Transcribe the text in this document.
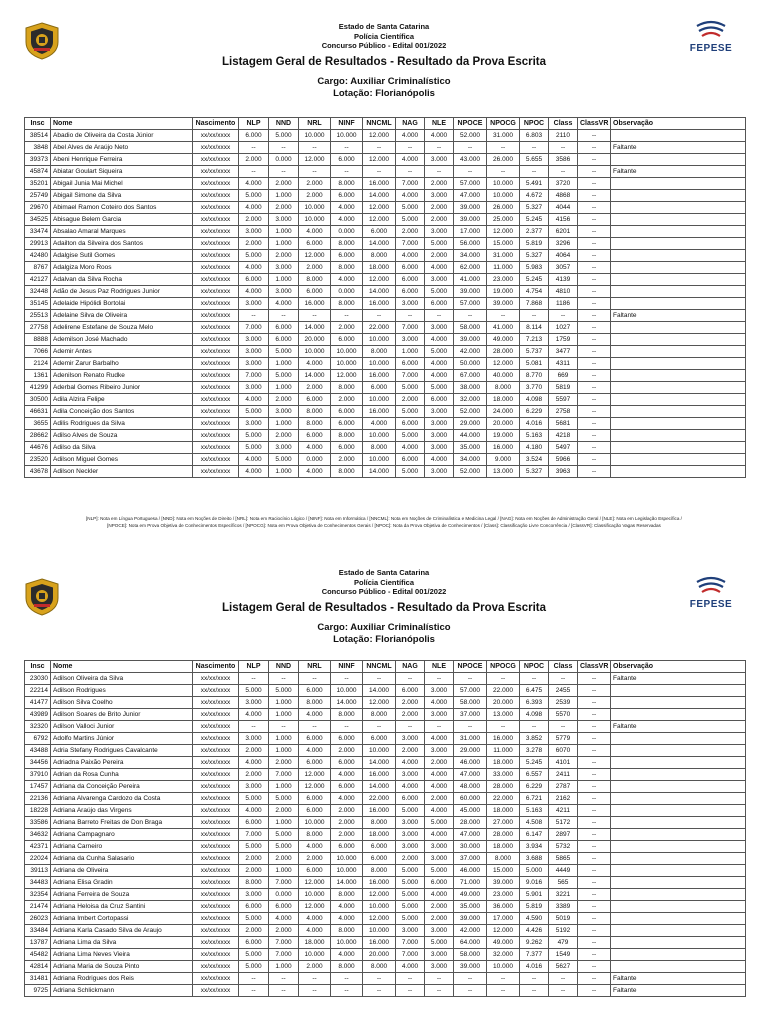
FEPESE
Estado de Santa Catarina
Polícia Científica
Concurso Público - Edital 001/2022
Listagem Geral de Resultados - Resultado da Prova Escrita
Cargo: Auxiliar Criminalístico
Lotação: Florianópolis
Insc	Nome	Nascimento	NLP	NND	NRL	NINF	NNCML	NAG	NLE	NPOCE	NPOCG	NPOC	Class	ClassVR	Observação
38514	Abadio de Oliveira da Costa Júnior	xx/xx/xxxx	6.000	5.000	10.000	10.000	12.000	4.000	4.000	52.000	31.000	6.803	2110	--	
3848	Abel Alves de Araújo Neto	xx/xx/xxxx	--	--	--	--	--	--	--	--	--	--	--	--	Faltante
39373	Abeni Henrique Ferreira	xx/xx/xxxx	2.000	0.000	12.000	6.000	12.000	4.000	3.000	43.000	26.000	5.655	3586	--	
45874	Abiatar Goulart Siqueira	xx/xx/xxxx	--	--	--	--	--	--	--	--	--	--	--	--	Faltante
35201	Abigail Junia Mai Michel	xx/xx/xxxx	4.000	2.000	2.000	8.000	16.000	7.000	2.000	57.000	10.000	5.491	3720	--	
25749	Abigail Simone da Silva	xx/xx/xxxx	5.000	1.000	2.000	6.000	14.000	4.000	3.000	47.000	10.000	4.672	4868	--	
29670	Abimael Ramon Coteiro dos Santos	xx/xx/xxxx	4.000	2.000	10.000	4.000	12.000	5.000	2.000	39.000	26.000	5.327	4044	--	
34525	Abisague Belem Garcia	xx/xx/xxxx	2.000	3.000	10.000	4.000	12.000	5.000	2.000	39.000	25.000	5.245	4156	--	
33474	Absalao Amaral Marques	xx/xx/xxxx	3.000	1.000	4.000	0.000	6.000	2.000	3.000	17.000	12.000	2.377	6201	--	
29913	Adailton da Silveira dos Santos	xx/xx/xxxx	2.000	1.000	6.000	8.000	14.000	7.000	5.000	56.000	15.000	5.819	3296	--	
42480	Adalgise Sutil Gomes	xx/xx/xxxx	5.000	2.000	12.000	6.000	8.000	4.000	2.000	34.000	31.000	5.327	4064	--	
8767	Adalgiza Moro Roos	xx/xx/xxxx	4.000	3.000	2.000	8.000	18.000	6.000	4.000	62.000	11.000	5.983	3057	--	
42127	Adalvan da Silva Rocha	xx/xx/xxxx	6.000	1.000	8.000	4.000	12.000	6.000	3.000	41.000	23.000	5.245	4139	--	
32448	Adão de Jesus Paz Rodrigues Junior	xx/xx/xxxx	4.000	3.000	6.000	0.000	14.000	6.000	5.000	39.000	19.000	4.754	4810	--	
35145	Adelaide Hipólidi Bortolai	xx/xx/xxxx	3.000	4.000	16.000	8.000	16.000	3.000	6.000	57.000	39.000	7.868	1186	--	
25513	Adelaine Silva de Oliveira	xx/xx/xxxx	--	--	--	--	--	--	--	--	--	--	--	--	Faltante
27758	Adelirene Estefane de Souza Melo	xx/xx/xxxx	7.000	6.000	14.000	2.000	22.000	7.000	3.000	58.000	41.000	8.114	1027	--	
8888	Ademilson José Machado	xx/xx/xxxx	3.000	6.000	20.000	6.000	10.000	3.000	4.000	39.000	49.000	7.213	1759	--	
7066	Ademir Antes	xx/xx/xxxx	3.000	5.000	10.000	10.000	8.000	1.000	5.000	42.000	28.000	5.737	3477	--	
2124	Ademir Zarur Barbalho	xx/xx/xxxx	3.000	1.000	4.000	10.000	10.000	6.000	4.000	50.000	12.000	5.081	4311	--	
1361	Adenilson Renato Rudke	xx/xx/xxxx	7.000	5.000	14.000	12.000	16.000	7.000	4.000	67.000	40.000	8.770	669	--	
41299	Aderbal Gomes Ribeiro Junior	xx/xx/xxxx	3.000	1.000	2.000	8.000	6.000	5.000	5.000	38.000	8.000	3.770	5819	--	
30500	Adila Alzira Felipe	xx/xx/xxxx	4.000	2.000	6.000	2.000	10.000	2.000	6.000	32.000	18.000	4.098	5597	--	
46631	Adila Conceição dos Santos	xx/xx/xxxx	5.000	3.000	8.000	6.000	16.000	5.000	3.000	52.000	24.000	6.229	2758	--	
3655	Adilis Rodrigues da Silva	xx/xx/xxxx	3.000	1.000	8.000	6.000	4.000	6.000	3.000	29.000	20.000	4.016	5681	--	
28662	Adilso Alves de Souza	xx/xx/xxxx	5.000	2.000	6.000	8.000	10.000	5.000	3.000	44.000	19.000	5.163	4218	--	
44676	Adilso da Silva	xx/xx/xxxx	5.000	3.000	4.000	6.000	8.000	4.000	3.000	35.000	16.000	4.180	5497	--	
23520	Adilson Miguel Gomes	xx/xx/xxxx	4.000	5.000	0.000	2.000	10.000	6.000	4.000	34.000	9.000	3.524	5966	--	
43678	Adilson Neckler	xx/xx/xxxx	4.000	1.000	4.000	8.000	14.000	5.000	3.000	52.000	13.000	5.327	3963	--	
[NLP]: Nota em Língua Portuguesa / [NND]: Nota em Noções de Direito / [NRL]: Nota em Raciocínio Lógico / [NINF]: Nota em Informática / [NNCML]: Nota em Noções de Criminalística e Medicina Legal / [NAG]: Nota em Noções de Administração Geral / [NLE]: Nota em Legislação Específica /
[NPOCE]: Nota em Prova Objetiva de Conhecimentos Específicos / [NPOCG]: Nota em Prova Objetiva de Conhecimentos Gerais / [NPOC]: Nota da Prova Objetiva de Conhecimentos / [Class]: Classificação Livre Concorrência / [ClassVR]: Classificação Vagas Reservadas
FEPESE
Estado de Santa Catarina
Polícia Científica
Concurso Público - Edital 001/2022
Listagem Geral de Resultados - Resultado da Prova Escrita
Cargo: Auxiliar Criminalístico
Lotação: Florianópolis
Insc	Nome	Nascimento	NLP	NND	NRL	NINF	NNCML	NAG	NLE	NPOCE	NPOCG	NPOC	Class	ClassVR	Observação
23030	Adilson Oliveira da Silva	xx/xx/xxxx	--	--	--	--	--	--	--	--	--	--	--	--	Faltante
22214	Adilson Rodrigues	xx/xx/xxxx	5.000	5.000	6.000	10.000	14.000	6.000	3.000	57.000	22.000	6.475	2455	--	
41477	Adilson Silva Coelho	xx/xx/xxxx	3.000	1.000	8.000	14.000	12.000	2.000	4.000	58.000	20.000	6.393	2539	--	
43989	Adilson Soares de Brito Junior	xx/xx/xxxx	4.000	1.000	4.000	8.000	8.000	2.000	3.000	37.000	13.000	4.098	5570	--	
32320	Adilson Valloci Junior	xx/xx/xxxx	--	--	--	--	--	--	--	--	--	--	--	--	Faltante
6792	Adolfo Martins Júnior	xx/xx/xxxx	3.000	1.000	6.000	6.000	6.000	3.000	4.000	31.000	16.000	3.852	5779	--	
43488	Adria Stefany Rodrigues Cavalcante	xx/xx/xxxx	2.000	1.000	4.000	2.000	10.000	2.000	3.000	29.000	11.000	3.278	6070	--	
34456	Adriadna Paixão Pereira	xx/xx/xxxx	4.000	2.000	6.000	6.000	14.000	4.000	2.000	46.000	18.000	5.245	4101	--	
37910	Adrian da Rosa Cunha	xx/xx/xxxx	2.000	7.000	12.000	4.000	16.000	3.000	4.000	47.000	33.000	6.557	2411	--	
17457	Adriana da Conceição Pereira	xx/xx/xxxx	3.000	1.000	12.000	6.000	14.000	4.000	4.000	48.000	28.000	6.229	2787	--	
22136	Adriana Alvarenga Cardozo da Costa	xx/xx/xxxx	5.000	5.000	6.000	4.000	22.000	6.000	2.000	60.000	22.000	6.721	2162	--	
18228	Adriana Araújo das Virgens	xx/xx/xxxx	4.000	2.000	6.000	2.000	16.000	5.000	4.000	45.000	18.000	5.163	4211	--	
33586	Adriana Barreto Freitas de Don Braga	xx/xx/xxxx	6.000	1.000	10.000	2.000	8.000	3.000	5.000	28.000	27.000	4.508	5172	--	
34632	Adriana Campagnaro	xx/xx/xxxx	7.000	5.000	8.000	2.000	18.000	3.000	4.000	47.000	28.000	6.147	2897	--	
42371	Adriana Carneiro	xx/xx/xxxx	5.000	5.000	4.000	6.000	6.000	3.000	3.000	30.000	18.000	3.934	5732	--	
22024	Adriana da Cunha Salasario	xx/xx/xxxx	2.000	2.000	2.000	10.000	6.000	2.000	3.000	37.000	8.000	3.688	5865	--	
39113	Adriana de Oliveira	xx/xx/xxxx	2.000	1.000	6.000	10.000	8.000	5.000	5.000	46.000	15.000	5.000	4449	--	
34483	Adriana Elisa Gradin	xx/xx/xxxx	8.000	7.000	12.000	14.000	16.000	5.000	6.000	71.000	39.000	9.016	565	--	
32354	Adriana Ferreira de Souza	xx/xx/xxxx	3.000	0.000	10.000	8.000	12.000	5.000	4.000	49.000	23.000	5.901	3221	--	
21474	Adriana Heloisa da Cruz Santini	xx/xx/xxxx	6.000	6.000	12.000	4.000	10.000	5.000	2.000	35.000	36.000	5.819	3389	--	
26023	Adriana Imbert Cortopassi	xx/xx/xxxx	5.000	4.000	4.000	4.000	12.000	5.000	2.000	39.000	17.000	4.590	5019	--	
33484	Adriana Karla Casado Silva de Araujo	xx/xx/xxxx	2.000	2.000	4.000	8.000	10.000	3.000	3.000	42.000	12.000	4.426	5192	--	
13787	Adriana Lima da Silva	xx/xx/xxxx	6.000	7.000	18.000	10.000	16.000	7.000	5.000	64.000	49.000	9.262	479	--	
45482	Adriana Lima Neves Vieira	xx/xx/xxxx	5.000	7.000	10.000	4.000	20.000	7.000	3.000	58.000	32.000	7.377	1549	--	
42814	Adriana Maria de Souza Pinto	xx/xx/xxxx	5.000	1.000	2.000	8.000	8.000	4.000	3.000	39.000	10.000	4.016	5627	--	
31481	Adriana Rodrigues dos Reis	xx/xx/xxxx	--	--	--	--	--	--	--	--	--	--	--	--	Faltante
9725	Adriana Schlickmann	xx/xx/xxxx	--	--	--	--	--	--	--	--	--	--	--	--	Faltante
